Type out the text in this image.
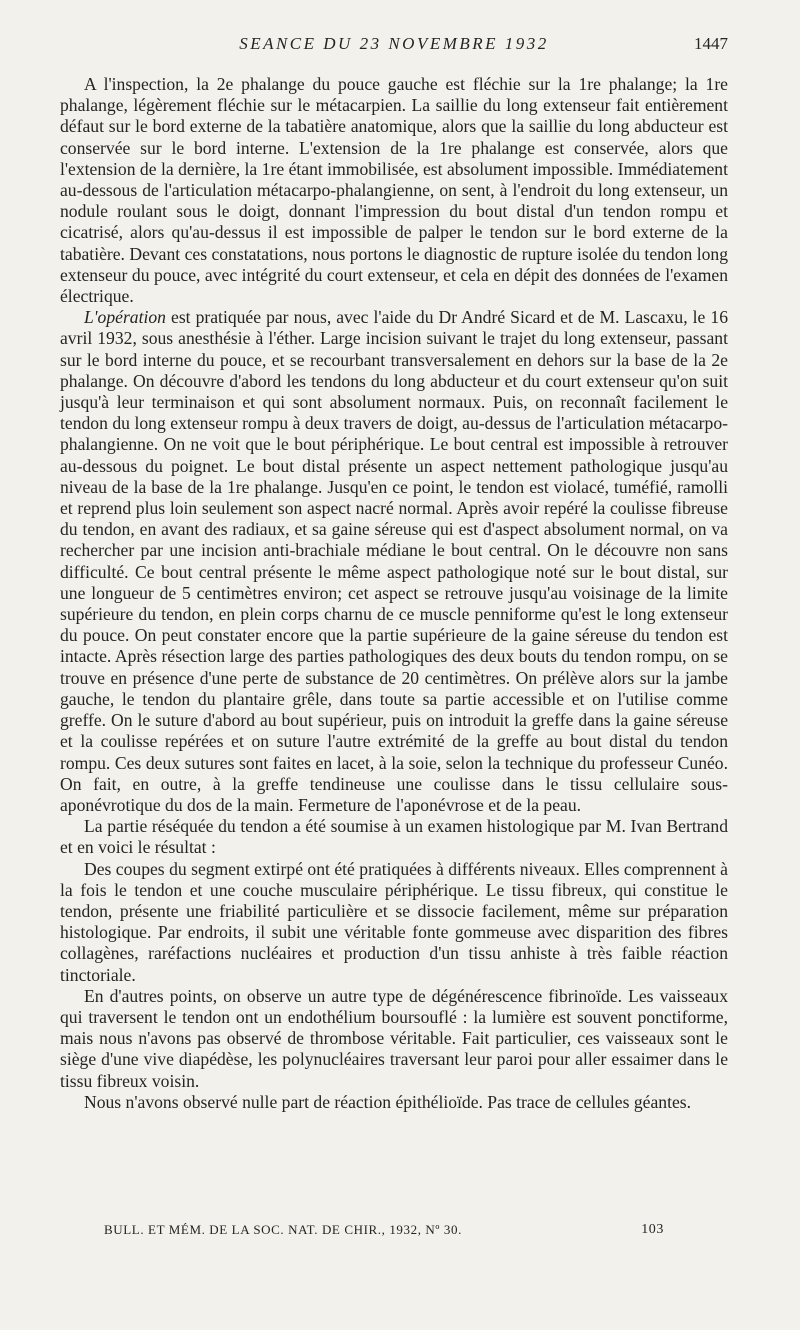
SEANCE DU 23 NOVEMBRE 1932	1447

A l'inspection, la 2e phalange du pouce gauche est fléchie sur la 1re phalange; la 1re phalange, légèrement fléchie sur le métacarpien. La saillie du long extenseur fait entièrement défaut sur le bord externe de la tabatière anatomique, alors que la saillie du long abducteur est conservée sur le bord interne. L'extension de la 1re phalange est conservée, alors que l'extension de la dernière, la 1re étant immobilisée, est absolument impossible. Immédiatement au-dessous de l'articulation métacarpo-phalangienne, on sent, à l'endroit du long extenseur, un nodule roulant sous le doigt, donnant l'impression du bout distal d'un tendon rompu et cicatrisé, alors qu'au-dessus il est impossible de palper le tendon sur le bord externe de la tabatière. Devant ces constatations, nous portons le diagnostic de rupture isolée du tendon long extenseur du pouce, avec intégrité du court extenseur, et cela en dépit des données de l'examen électrique.

L'opération est pratiquée par nous, avec l'aide du Dr André Sicard et de M. Lascaxu, le 16 avril 1932, sous anesthésie à l'éther. Large incision suivant le trajet du long extenseur, passant sur le bord interne du pouce, et se recourbant transversalement en dehors sur la base de la 2e phalange. On découvre d'abord les tendons du long abducteur et du court extenseur qu'on suit jusqu'à leur terminaison et qui sont absolument normaux. Puis, on reconnaît facilement le tendon du long extenseur rompu à deux travers de doigt, au-dessus de l'articulation métacarpo-phalangienne. On ne voit que le bout périphérique. Le bout central est impossible à retrouver au-dessous du poignet. Le bout distal présente un aspect nettement pathologique jusqu'au niveau de la base de la 1re phalange. Jusqu'en ce point, le tendon est violacé, tuméfié, ramolli et reprend plus loin seulement son aspect nacré normal. Après avoir repéré la coulisse fibreuse du tendon, en avant des radiaux, et sa gaine séreuse qui est d'aspect absolument normal, on va rechercher par une incision anti-brachiale médiane le bout central. On le découvre non sans difficulté. Ce bout central présente le même aspect pathologique noté sur le bout distal, sur une longueur de 5 centimètres environ; cet aspect se retrouve jusqu'au voisinage de la limite supérieure du tendon, en plein corps charnu de ce muscle penniforme qu'est le long extenseur du pouce. On peut constater encore que la partie supérieure de la gaine séreuse du tendon est intacte. Après résection large des parties pathologiques des deux bouts du tendon rompu, on se trouve en présence d'une perte de substance de 20 centimètres. On prélève alors sur la jambe gauche, le tendon du plantaire grêle, dans toute sa partie accessible et on l'utilise comme greffe. On le suture d'abord au bout supérieur, puis on introduit la greffe dans la gaine séreuse et la coulisse repérées et on suture l'autre extrémité de la greffe au bout distal du tendon rompu. Ces deux sutures sont faites en lacet, à la soie, selon la technique du professeur Cunéo. On fait, en outre, à la greffe tendineuse une coulisse dans le tissu cellulaire sous-aponévrotique du dos de la main. Fermeture de l'aponévrose et de la peau.

La partie réséquée du tendon a été soumise à un examen histologique par M. Ivan Bertrand et en voici le résultat :

Des coupes du segment extirpé ont été pratiquées à différents niveaux. Elles comprennent à la fois le tendon et une couche musculaire périphérique. Le tissu fibreux, qui constitue le tendon, présente une friabilité particulière et se dissocie facilement, même sur préparation histologique. Par endroits, il subit une véritable fonte gommeuse avec disparition des fibres collagènes, raréfactions nucléaires et production d'un tissu anhiste à très faible réaction tinctoriale.

En d'autres points, on observe un autre type de dégénérescence fibrinoïde. Les vaisseaux qui traversent le tendon ont un endothélium boursouflé : la lumière est souvent ponctiforme, mais nous n'avons pas observé de thrombose véritable. Fait particulier, ces vaisseaux sont le siège d'une vive diapédèse, les polynucléaires traversant leur paroi pour aller essaimer dans le tissu fibreux voisin.

Nous n'avons observé nulle part de réaction épithélioïde. Pas trace de cellules géantes.

BULL. ET MÉM. DE LA SOC. NAT. DE CHIR., 1932, Nº 30.	103
